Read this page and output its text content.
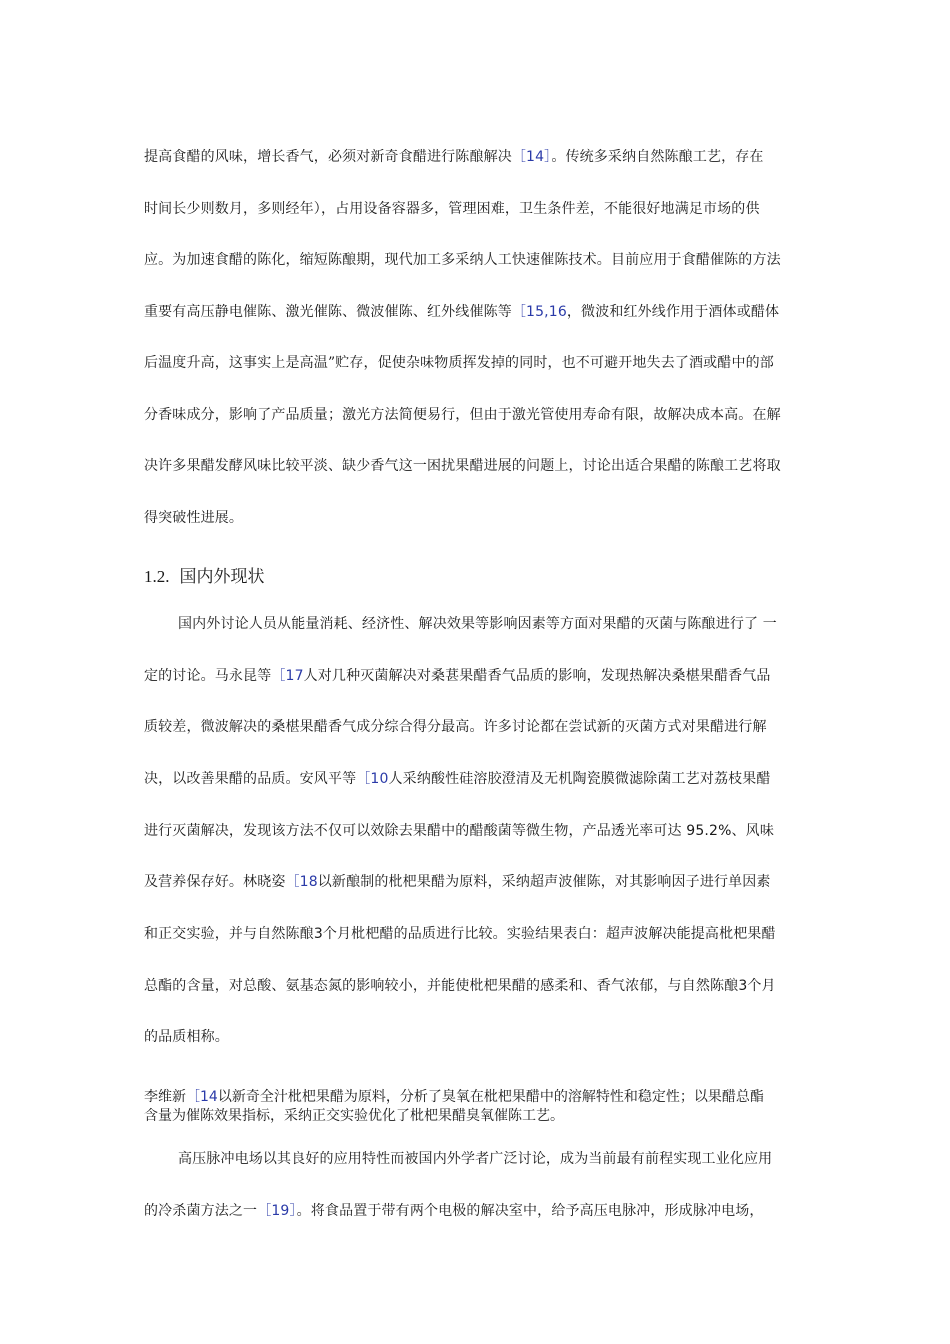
提高食醋的风味，增长香气，必须对新奇食醋进行陈酿解决［14］。传统多采纳自然陈酿工艺，存在
时间长少则数月，多则经年），占用设备容器多，管理困难，卫生条件差，不能很好地满足市场的供
应。为加速食醋的陈化，缩短陈酿期，现代加工多采纳人工快速催陈技术。目前应用于食醋催陈的方法
重要有高压静电催陈、激光催陈、微波催陈、红外线催陈等［15,16，微波和红外线作用于酒体或醋体
后温度升高，这事实上是高温”贮存，促使杂味物质挥发掉的同时，也不可避开地失去了酒或醋中的部
分香味成分，影响了产品质量；激光方法简便易行，但由于激光管使用寿命有限，故解决成本高。在解
决许多果醋发酵风味比较平淡、缺少香气这一困扰果醋进展的问题上，讨论出适合果醋的陈酿工艺将取
得突破性进展。
1.2. 国内外现状
国内外讨论人员从能量消耗、经济性、解决效果等影响因素等方面对果醋的灭菌与陈酿进行了 一
定的讨论。马永昆等［17人对几种灭菌解决对桑葚果醋香气品质的影响，发现热解决桑椹果醋香气品
质较差，微波解决的桑椹果醋香气成分综合得分最高。许多讨论都在尝试新的灭菌方式对果醋进行解
决，以改善果醋的品质。安风平等［10人采纳酸性硅溶胶澄清及无机陶瓷膜微滤除菌工艺对荔枝果醋
进行灭菌解决，发现该方法不仅可以效除去果醋中的醋酸菌等微生物，产品透光率可达 95.2%、风味
及营养保存好。林晓姿［18以新酿制的枇杷果醋为原料，采纳超声波催陈，对其影响因子进行单因素
和正交实验，并与自然陈酿3个月枇杷醋的品质进行比较。实验结果表白：超声波解决能提高枇杷果醋
总酯的含量，对总酸、氨基态氮的影响较小，并能使枇杷果醋的感柔和、香气浓郁，与自然陈酿3个月
的品质相称。
李维新［14以新奇全汁枇杷果醋为原料，分析了臭氧在枇杷果醋中的溶解特性和稳定性；以果醋总酯
含量为催陈效果指标，采纳正交实验优化了枇杷果醋臭氧催陈工艺。
高压脉冲电场以其良好的应用特性而被国内外学者广泛讨论，成为当前最有前程实现工业化应用
的冷杀菌方法之一［19］。将食品置于带有两个电极的解决室中，给予高压电脉冲，形成脉冲电场，
